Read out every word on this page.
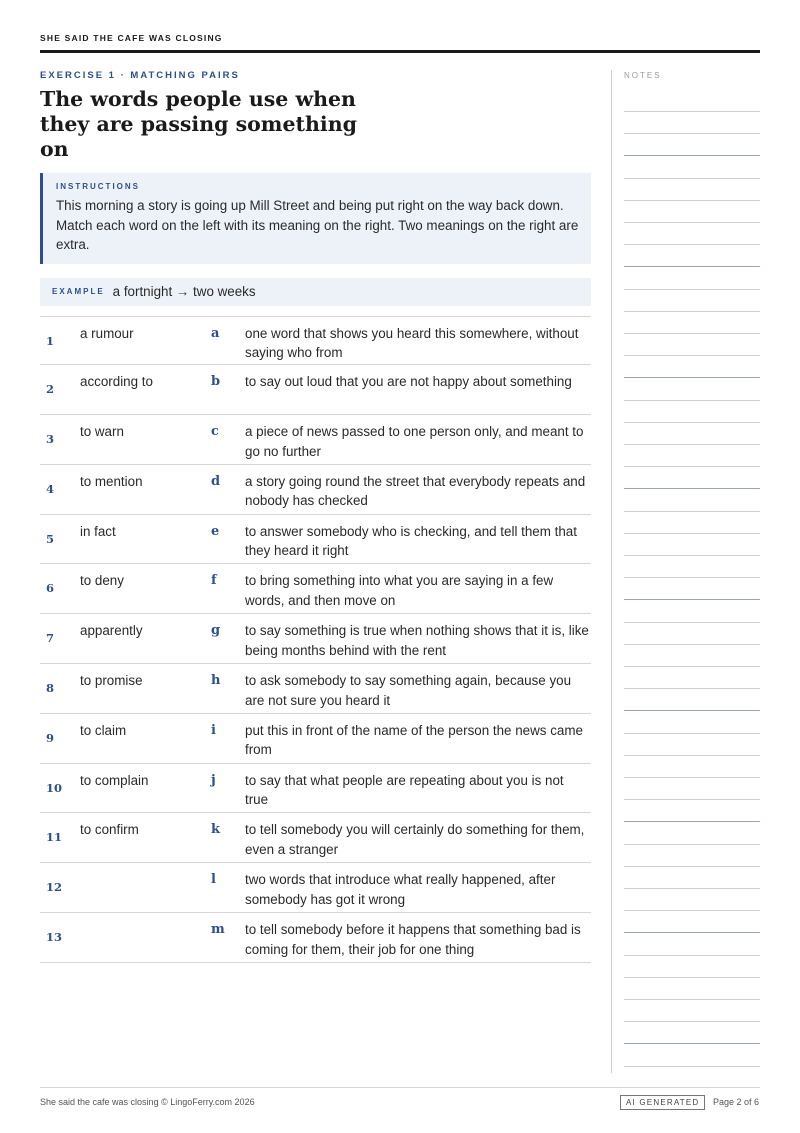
SHE SAID THE CAFE WAS CLOSING
EXERCISE 1 · MATCHING PAIRS
The words people use when they are passing something on
INSTRUCTIONS
This morning a story is going up Mill Street and being put right on the way back down. Match each word on the left with its meaning on the right. Two meanings on the right are extra.
EXAMPLE a fortnight → two weeks
1 a rumour	a one word that shows you heard this somewhere, without saying who from
2 according to	b to say out loud that you are not happy about something
3 to warn	c a piece of news passed to one person only, and meant to go no further
4 to mention	d a story going round the street that everybody repeats and nobody has checked
5 in fact	e to answer somebody who is checking, and tell them that they heard it right
6 to deny	f to bring something into what you are saying in a few words, and then move on
7 apparently	g to say something is true when nothing shows that it is, like being months behind with the rent
8 to promise	h to ask somebody to say something again, because you are not sure you heard it
9 to claim	i put this in front of the name of the person the news came from
10 to complain	j to say that what people are repeating about you is not true
11 to confirm	k to tell somebody you will certainly do something for them, even a stranger
12	l two words that introduce what really happened, after somebody has got it wrong
13	m to tell somebody before it happens that something bad is coming for them, their job for one thing
NOTES
She said the cafe was closing © LingoFerry.com 2026	AI GENERATED	Page 2 of 6
